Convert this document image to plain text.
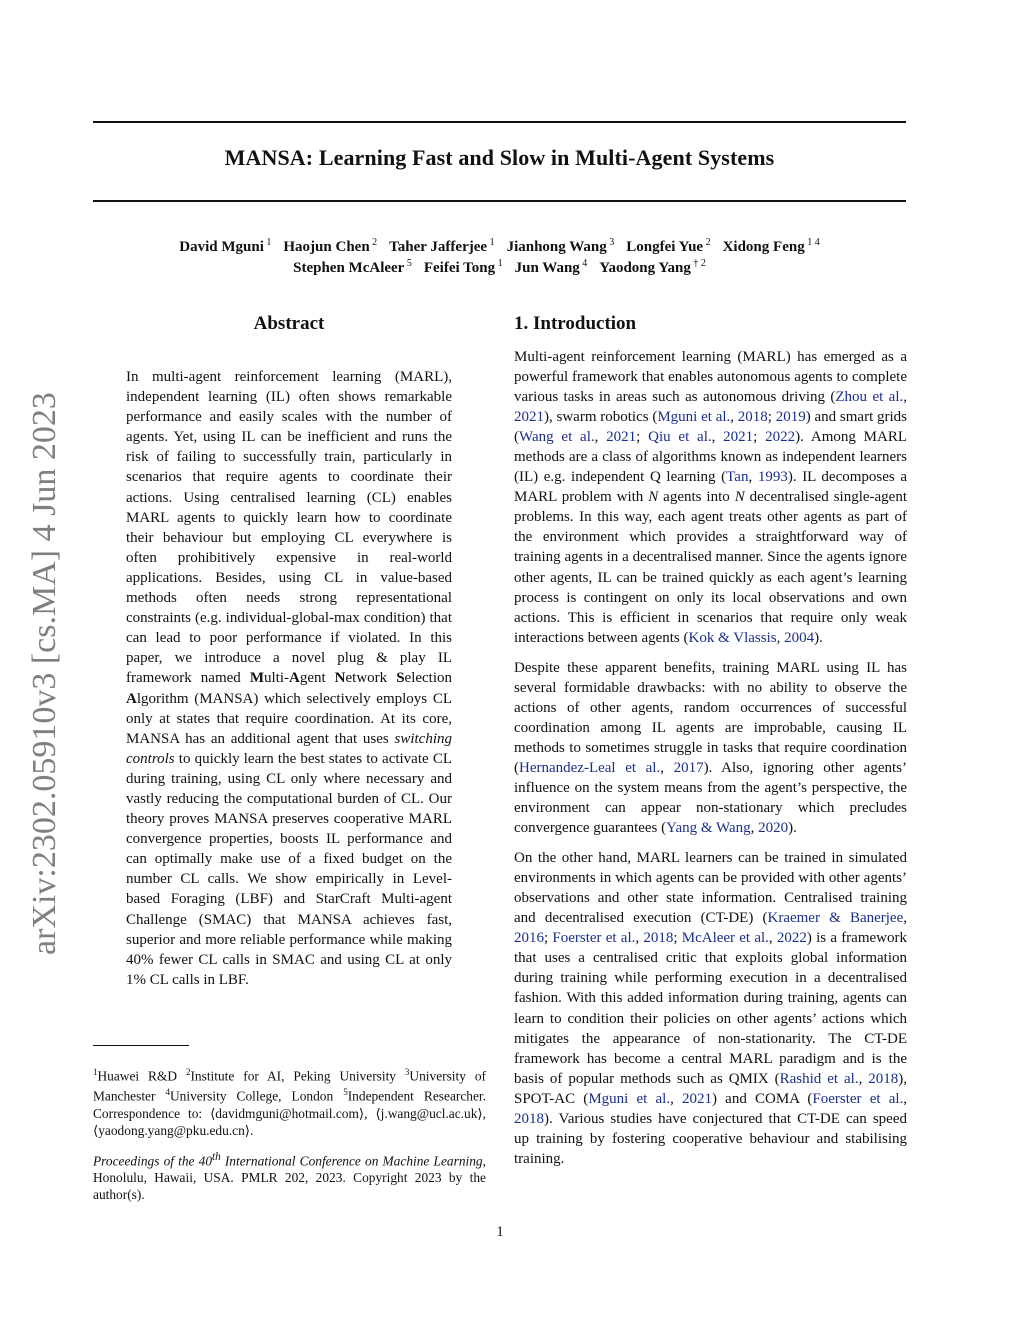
MANSA: Learning Fast and Slow in Multi-Agent Systems
David Mguni $^1$ Haojun Chen $^2$ Taher Jafferjee $^1$ Jianhong Wang $^3$ Longfei Yue $^2$ Xidong Feng $^{1 4}$
Stephen McAleer $^5$ Feifei Tong $^1$ Jun Wang $^4$ Yaodong Yang $^{\dagger 2}$
arXiv:2302.05910v3 [cs.MA] 4 Jun 2023
Abstract
In multi-agent reinforcement learning (MARL), independent learning (IL) often shows remarkable performance and easily scales with the number of agents. Yet, using IL can be inefficient and runs the risk of failing to successfully train, particularly in scenarios that require agents to coordinate their actions. Using centralised learning (CL) enables MARL agents to quickly learn how to coordinate their behaviour but employing CL everywhere is often prohibitively expensive in real-world applications. Besides, using CL in value-based methods often needs strong representational constraints (e.g. individual-global-max condition) that can lead to poor performance if violated. In this paper, we introduce a novel plug & play IL framework named Multi-Agent Network Selection Algorithm (MANSA) which selectively employs CL only at states that require coordination. At its core, MANSA has an additional agent that uses switching controls to quickly learn the best states to activate CL during training, using CL only where necessary and vastly reducing the computational burden of CL. Our theory proves MANSA preserves cooperative MARL convergence properties, boosts IL performance and can optimally make use of a fixed budget on the number CL calls. We show empirically in Level-based Foraging (LBF) and StarCraft Multi-agent Challenge (SMAC) that MANSA achieves fast, superior and more reliable performance while making 40% fewer CL calls in SMAC and using CL at only 1% CL calls in LBF.
1. Introduction

Multi-agent reinforcement learning (MARL) has emerged as a powerful framework that enables autonomous agents to complete various tasks in areas such as autonomous driving (Zhou et al., 2021), swarm robotics (Mguni et al., 2018; 2019) and smart grids (Wang et al., 2021; Qiu et al., 2021; 2022). Among MARL methods are a class of algorithms known as independent learners (IL) e.g. independent Q learning (Tan, 1993). IL decomposes a MARL problem with N agents into N decentralised single-agent problems. In this way, each agent treats other agents as part of the environment which provides a straightforward way of training agents in a decentralised manner. Since the agents ignore other agents, IL can be trained quickly as each agent’s learning process is contingent on only its local observations and own actions. This is efficient in scenarios that require only weak interactions between agents (Kok & Vlassis, 2004).

Despite these apparent benefits, training MARL using IL has several formidable drawbacks: with no ability to observe the actions of other agents, random occurrences of successful coordination among IL agents are improbable, causing IL methods to sometimes struggle in tasks that require coordination (Hernandez-Leal et al., 2017). Also, ignoring other agents’ influence on the system means from the agent’s perspective, the environment can appear non-stationary which precludes convergence guarantees (Yang & Wang, 2020).

On the other hand, MARL learners can be trained in simulated environments in which agents can be provided with other agents’ observations and other state information. Centralised training and decentralised execution (CT-DE) (Kraemer & Banerjee, 2016; Foerster et al., 2018; McAleer et al., 2022) is a framework that uses a centralised critic that exploits global information during training while performing execution in a decentralised fashion. With this added information during training, agents can learn to condition their policies on other agents’ actions which mitigates the appearance of non-stationarity. The CT-DE framework has become a central MARL paradigm and is the basis of popular methods such as QMIX (Rashid et al., 2018), SPOT-AC (Mguni et al., 2021) and COMA (Foerster et al., 2018). Various studies have conjectured that CT-DE can speed up training by fostering cooperative behaviour and stabilising training.

$^1$Huawei R&D $^2$Institute for AI, Peking University $^3$University of Manchester $^4$University College, London $^5$Independent Researcher. Correspondence to: ⟨davidmguni@hotmail.com⟩, ⟨j.wang@ucl.ac.uk⟩, ⟨yaodong.yang@pku.edu.cn⟩.
Proceedings of the 40th International Conference on Machine Learning, Honolulu, Hawaii, USA. PMLR 202, 2023. Copyright 2023 by the author(s).
1
